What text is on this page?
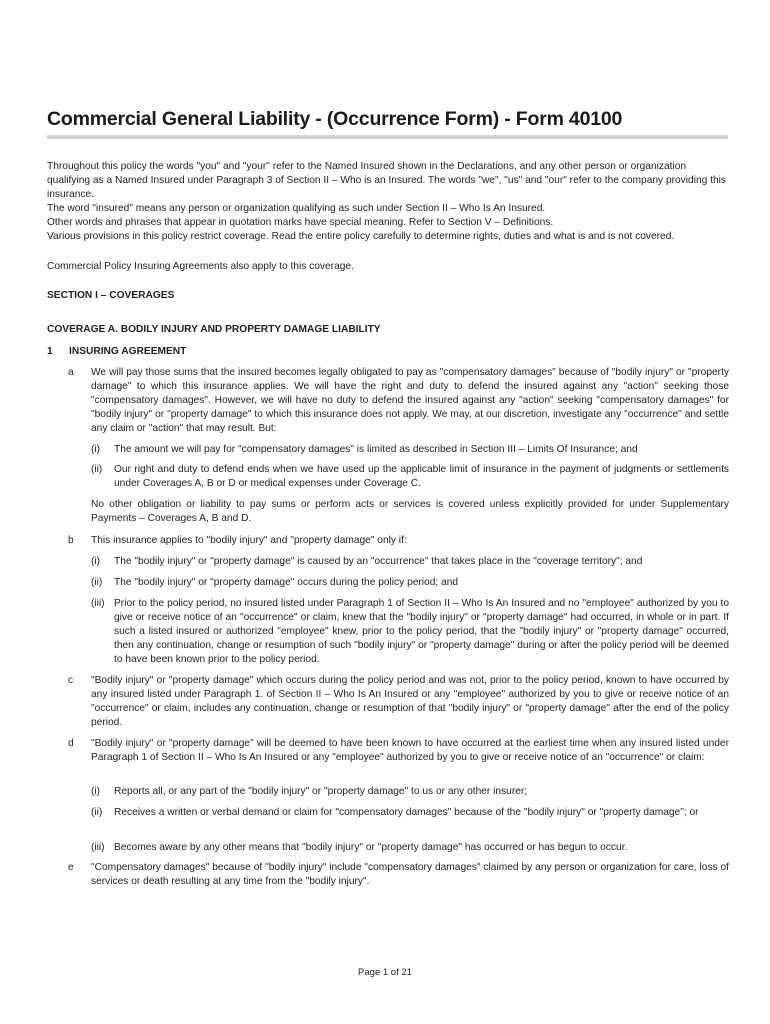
Commercial General Liability - (Occurrence Form) - Form 40100

Throughout this policy the words "you" and "your" refer to the Named Insured shown in the Declarations, and any other person or organization qualifying as a Named Insured under Paragraph 3 of Section II – Who is an Insured. The words "we", "us" and "our" refer to the company providing this insurance.

The word "insured" means any person or organization qualifying as such under Section II – Who Is An Insured.

Other words and phrases that appear in quotation marks have special meaning. Refer to Section V – Definitions.

Various provisions in this policy restrict coverage. Read the entire policy carefully to determine rights, duties and what is and is not covered.

Commercial Policy Insuring Agreements also apply to this coverage.
SECTION I – COVERAGES
COVERAGE A. BODILY INJURY AND PROPERTY DAMAGE LIABILITY
1 INSURING AGREEMENT
a	We will pay those sums that the insured becomes legally obligated to pay as "compensatory damages" because of "bodily injury" or "property damage" to which this insurance applies. We will have the right and duty to defend the insured against any "action" seeking those "compensatory damages". However, we will have no duty to defend the insured against any "action" seeking "compensatory damages" for "bodily injury" or "property damage" to which this insurance does not apply. We may, at our discretion, investigate any "occurrence" and settle any claim or "action" that may result. But:
(i)	The amount we will pay for "compensatory damages" is limited as described in Section III – Limits Of Insurance; and
(ii)	Our right and duty to defend ends when we have used up the applicable limit of insurance in the payment of judgments or settlements under Coverages A, B or D or medical expenses under Coverage C.
No other obligation or liability to pay sums or perform acts or services is covered unless explicitly provided for under Supplementary Payments – Coverages A, B and D.
b	This insurance applies to "bodily injury" and "property damage" only if:
(i)	The "bodily injury" or "property damage" is caused by an "occurrence" that takes place in the "coverage territory"; and
(ii)	The "bodily injury" or "property damage" occurs during the policy period; and
(iii) Prior to the policy period, no insured listed under Paragraph 1 of Section II – Who Is An Insured and no "employee" authorized by you to give or receive notice of an "occurrence" or claim, knew that the "bodily injury" or "property damage" had occurred, in whole or in part. If such a listed insured or authorized "employee" knew, prior to the policy period, that the "bodily injury" or "property damage" occurred, then any continuation, change or resumption of such "bodily injury" or "property damage" during or after the policy period will be deemed to have been known prior to the policy period.
c	"Bodily injury" or "property damage" which occurs during the policy period and was not, prior to the policy period, known to have occurred by any insured listed under Paragraph 1. of Section II – Who Is An Insured or any "employee" authorized by you to give or receive notice of an "occurrence" or claim, includes any continuation, change or resumption of that "bodily injury" or "property damage" after the end of the policy period.
d	"Bodily injury" or "property damage" will be deemed to have been known to have occurred at the earliest time when any insured listed under Paragraph 1 of Section II – Who Is An Insured or any "employee" authorized by you to give or receive notice of an "occurrence" or claim:
(i)	Reports all, or any part of the "bodily injury" or "property damage" to us or any other insurer;
(ii)	Receives a written or verbal demand or claim for "compensatory damages" because of the "bodily injury" or "property damage"; or
(iii) Becomes aware by any other means that "bodily injury" or "property damage" has occurred or has begun to occur.
e	"Compensatory damages" because of "bodily injury" include "compensatory damages" claimed by any person or organization for care, loss of services or death resulting at any time from the "bodily injury".
Page 1 of 21
